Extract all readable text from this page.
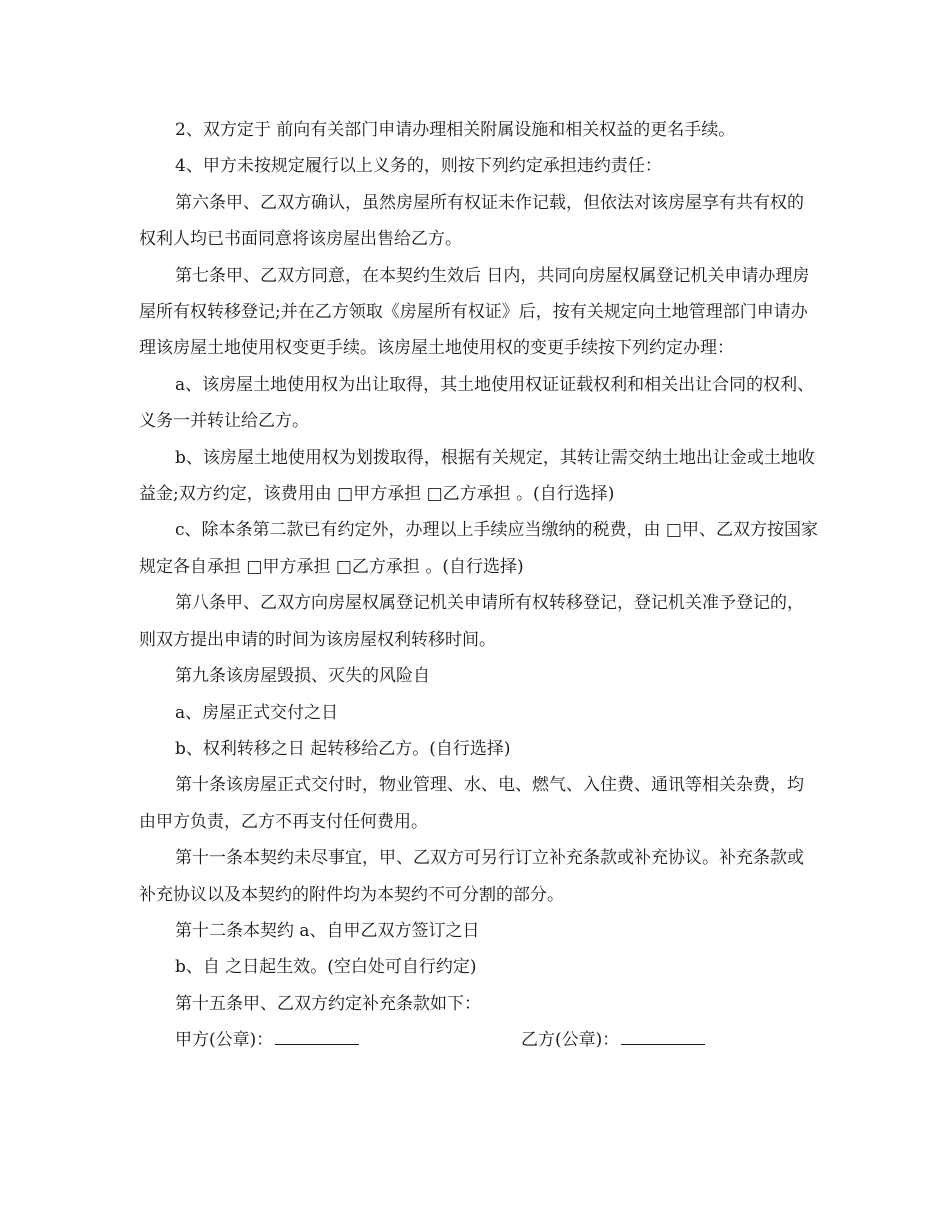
2、双方定于 前向有关部门申请办理相关附属设施和相关权益的更名手续。

4、甲方未按规定履行以上义务的，则按下列约定承担违约责任：

第六条甲、乙双方确认，虽然房屋所有权证未作记载，但依法对该房屋享有共有权的权利人均已书面同意将该房屋出售给乙方。

第七条甲、乙双方同意，在本契约生效后 日内，共同向房屋权属登记机关申请办理房屋所有权转移登记;并在乙方领取《房屋所有权证》后，按有关规定向土地管理部门申请办理该房屋土地使用权变更手续。该房屋土地使用权的变更手续按下列约定办理：

a、该房屋土地使用权为出让取得，其土地使用权证证载权利和相关出让合同的权利、义务一并转让给乙方。

b、该房屋土地使用权为划拨取得，根据有关规定，其转让需交纳土地出让金或土地收益金;双方约定，该费用由 □甲方承担 □乙方承担 。(自行选择)

c、除本条第二款已有约定外，办理以上手续应当缴纳的税费，由 □甲、乙双方按国家规定各自承担 □甲方承担 □乙方承担 。(自行选择)

第八条甲、乙双方向房屋权属登记机关申请所有权转移登记，登记机关准予登记的，则双方提出申请的时间为该房屋权利转移时间。

第九条该房屋毁损、灭失的风险自

a、房屋正式交付之日

b、权利转移之日 起转移给乙方。(自行选择)

第十条该房屋正式交付时，物业管理、水、电、燃气、入住费、通讯等相关杂费，均由甲方负责，乙方不再支付任何费用。

第十一条本契约未尽事宜，甲、乙双方可另行订立补充条款或补充协议。补充条款或补充协议以及本契约的附件均为本契约不可分割的部分。

第十二条本契约 a、自甲乙双方签订之日

b、自 之日起生效。(空白处可自行约定)

第十五条甲、乙双方约定补充条款如下：

甲方(公章)：	乙方(公章)：
